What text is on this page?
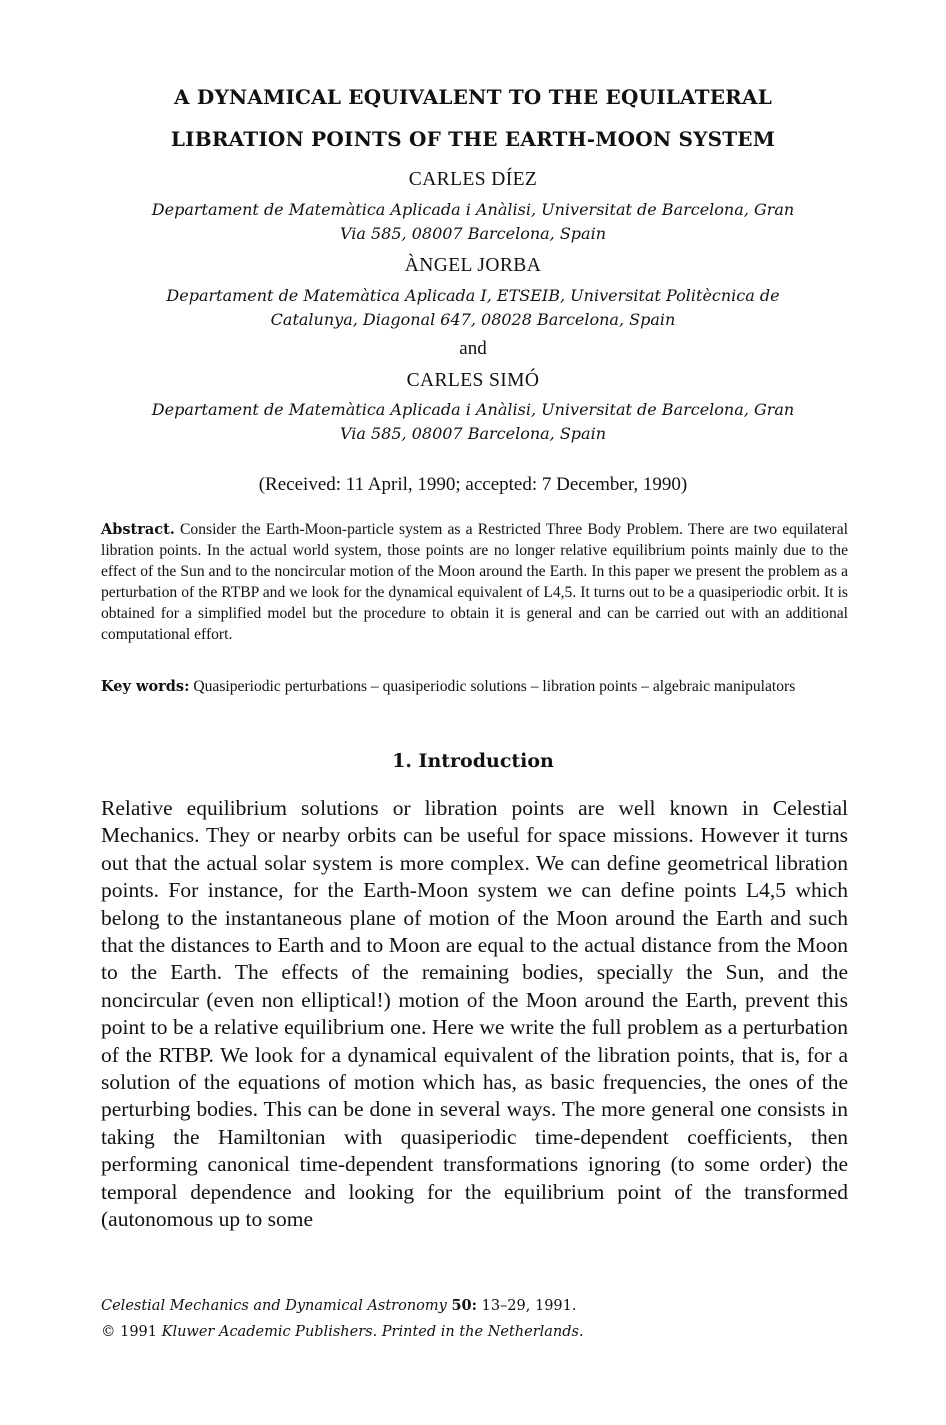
A DYNAMICAL EQUIVALENT TO THE EQUILATERAL
LIBRATION POINTS OF THE EARTH-MOON SYSTEM
CARLES DÍEZ
Departament de Matemàtica Aplicada i Anàlisi, Universitat de Barcelona, Gran
Via 585, 08007 Barcelona, Spain
ÀNGEL JORBA
Departament de Matemàtica Aplicada I, ETSEIB, Universitat Politècnica de
Catalunya, Diagonal 647, 08028 Barcelona, Spain
and
CARLES SIMÓ
Departament de Matemàtica Aplicada i Anàlisi, Universitat de Barcelona, Gran
Via 585, 08007 Barcelona, Spain
(Received: 11 April, 1990; accepted: 7 December, 1990)
Abstract. Consider the Earth-Moon-particle system as a Restricted Three Body Problem. There are two equilateral libration points. In the actual world system, those points are no longer relative equilibrium points mainly due to the effect of the Sun and to the noncircular motion of the Moon around the Earth. In this paper we present the problem as a perturbation of the RTBP and we look for the dynamical equivalent of L4,5. It turns out to be a quasiperiodic orbit. It is obtained for a simplified model but the procedure to obtain it is general and can be carried out with an additional computational effort.
Key words: Quasiperiodic perturbations – quasiperiodic solutions – libration points – algebraic manipulators
1. Introduction
Relative equilibrium solutions or libration points are well known in Celestial Mechanics. They or nearby orbits can be useful for space missions. However it turns out that the actual solar system is more complex. We can define geometrical libration points. For instance, for the Earth-Moon system we can define points L4,5 which belong to the instantaneous plane of motion of the Moon around the Earth and such that the distances to Earth and to Moon are equal to the actual distance from the Moon to the Earth. The effects of the remaining bodies, specially the Sun, and the noncircular (even non elliptical!) motion of the Moon around the Earth, prevent this point to be a relative equilibrium one. Here we write the full problem as a perturbation of the RTBP. We look for a dynamical equivalent of the libration points, that is, for a solution of the equations of motion which has, as basic frequencies, the ones of the perturbing bodies. This can be done in several ways. The more general one consists in taking the Hamiltonian with quasiperiodic time-dependent coefficients, then performing canonical time-dependent transformations ignoring (to some order) the temporal dependence and looking for the equilibrium point of the transformed (autonomous up to some
Celestial Mechanics and Dynamical Astronomy 50: 13–29, 1991.
© 1991 Kluwer Academic Publishers. Printed in the Netherlands.
